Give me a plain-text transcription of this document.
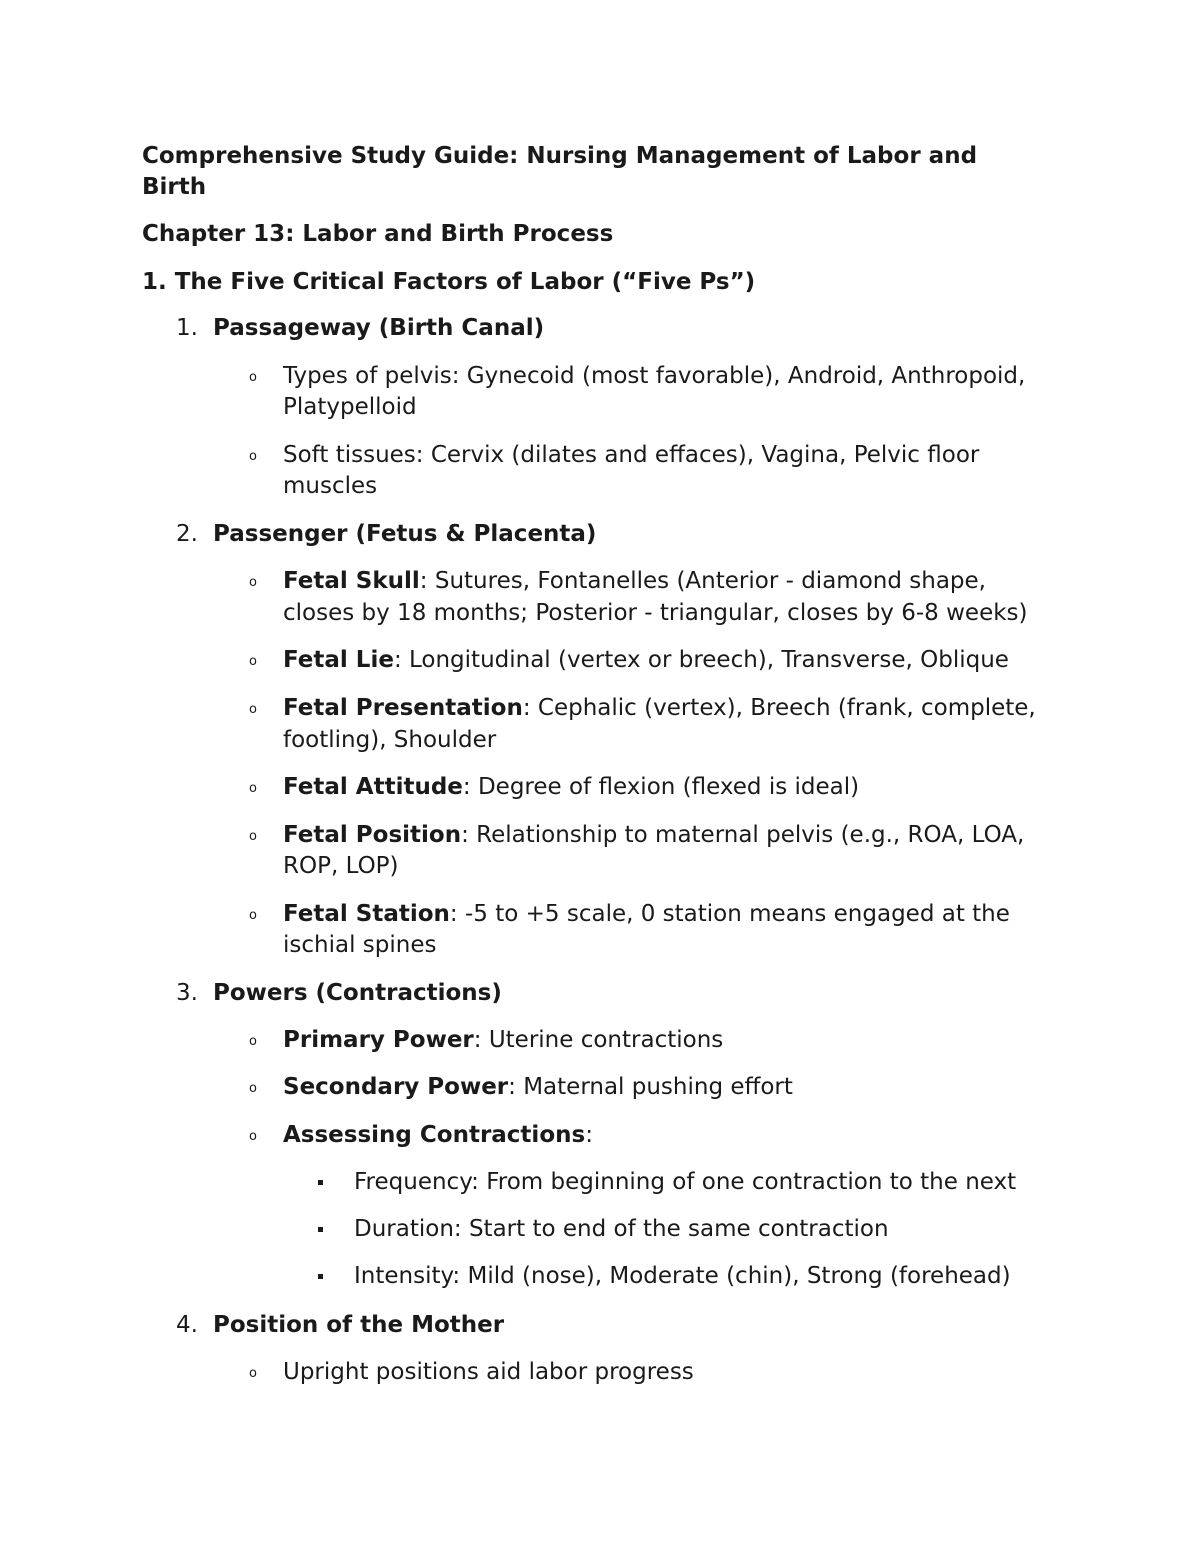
Comprehensive Study Guide: Nursing Management of Labor and
Birth
Chapter 13: Labor and Birth Process
1. The Five Critical Factors of Labor (“Five Ps”)
1. Passageway (Birth Canal)
o Types of pelvis: Gynecoid (most favorable), Android, Anthropoid,
Platypelloid
o Soft tissues: Cervix (dilates and effaces), Vagina, Pelvic floor
muscles
2. Passenger (Fetus & Placenta)
o Fetal Skull: Sutures, Fontanelles (Anterior - diamond shape,
closes by 18 months; Posterior - triangular, closes by 6-8 weeks)
o Fetal Lie: Longitudinal (vertex or breech), Transverse, Oblique
o Fetal Presentation: Cephalic (vertex), Breech (frank, complete,
footling), Shoulder
o Fetal Attitude: Degree of flexion (flexed is ideal)
o Fetal Position: Relationship to maternal pelvis (e.g., ROA, LOA,
ROP, LOP)
o Fetal Station: -5 to +5 scale, 0 station means engaged at the
ischial spines
3. Powers (Contractions)
o Primary Power: Uterine contractions
o Secondary Power: Maternal pushing effort
o Assessing Contractions:
Frequency: From beginning of one contraction to the next
Duration: Start to end of the same contraction
Intensity: Mild (nose), Moderate (chin), Strong (forehead)
4. Position of the Mother
o Upright positions aid labor progress
